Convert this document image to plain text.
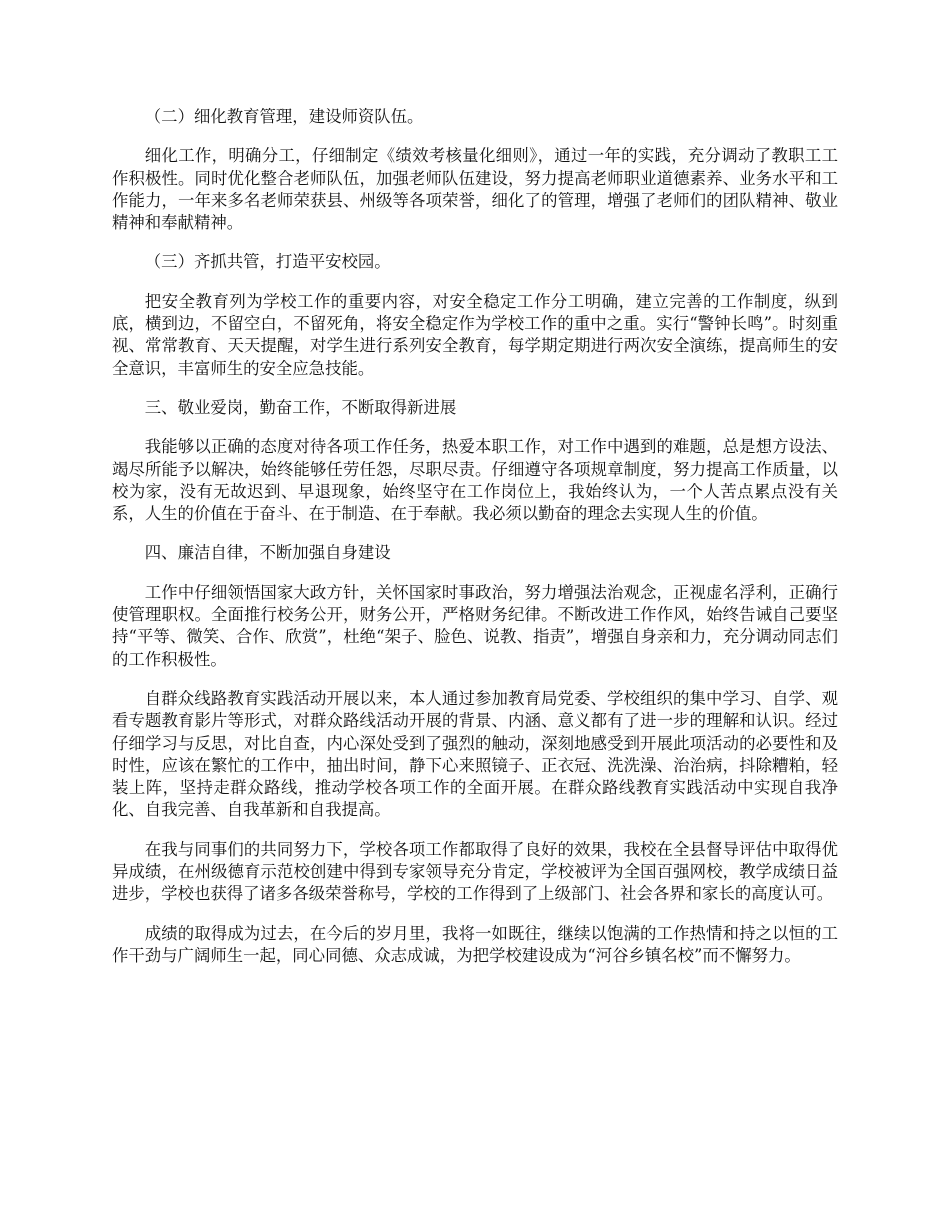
（二）细化教育管理，建设师资队伍。

细化工作，明确分工，仔细制定《绩效考核量化细则》，通过一年的实践，充分调动了教职工工作积极性。同时优化整合老师队伍，加强老师队伍建设，努力提高老师职业道德素养、业务水平和工作能力，一年来多名老师荣获县、州级等各项荣誉，细化了的管理，增强了老师们的团队精神、敬业精神和奉献精神。

（三）齐抓共管，打造平安校园。

把安全教育列为学校工作的重要内容，对安全稳定工作分工明确，建立完善的工作制度，纵到底，横到边，不留空白，不留死角，将安全稳定作为学校工作的重中之重。实行“警钟长鸣”。时刻重视、常常教育、天天提醒，对学生进行系列安全教育，每学期定期进行两次安全演练，提高师生的安全意识，丰富师生的安全应急技能。

三、敬业爱岗，勤奋工作，不断取得新进展

我能够以正确的态度对待各项工作任务，热爱本职工作，对工作中遇到的难题，总是想方设法、竭尽所能予以解决，始终能够任劳任怨，尽职尽责。仔细遵守各项规章制度，努力提高工作质量，以校为家，没有无故迟到、早退现象，始终坚守在工作岗位上，我始终认为，一个人苦点累点没有关系，人生的价值在于奋斗、在于制造、在于奉献。我必须以勤奋的理念去实现人生的价值。

四、廉洁自律，不断加强自身建设

工作中仔细领悟国家大政方针，关怀国家时事政治，努力增强法治观念，正视虚名浮利，正确行使管理职权。全面推行校务公开，财务公开，严格财务纪律。不断改进工作作风，始终告诫自己要坚持“平等、微笑、合作、欣赏”，杜绝“架子、脸色、说教、指责”，增强自身亲和力，充分调动同志们的工作积极性。

自群众线路教育实践活动开展以来，本人通过参加教育局党委、学校组织的集中学习、自学、观看专题教育影片等形式，对群众路线活动开展的背景、内涵、意义都有了进一步的理解和认识。经过仔细学习与反思，对比自查，内心深处受到了强烈的触动，深刻地感受到开展此项活动的必要性和及时性，应该在繁忙的工作中，抽出时间，静下心来照镜子、正衣冠、洗洗澡、治治病，抖除糟粕，轻装上阵，坚持走群众路线，推动学校各项工作的全面开展。在群众路线教育实践活动中实现自我净化、自我完善、自我革新和自我提高。

在我与同事们的共同努力下，学校各项工作都取得了良好的效果，我校在全县督导评估中取得优异成绩，在州级德育示范校创建中得到专家领导充分肯定，学校被评为全国百强网校，教学成绩日益进步，学校也获得了诸多各级荣誉称号，学校的工作得到了上级部门、社会各界和家长的高度认可。

成绩的取得成为过去，在今后的岁月里，我将一如既往，继续以饱满的工作热情和持之以恒的工作干劲与广阔师生一起，同心同德、众志成诚，为把学校建设成为“河谷乡镇名校”而不懈努力。
